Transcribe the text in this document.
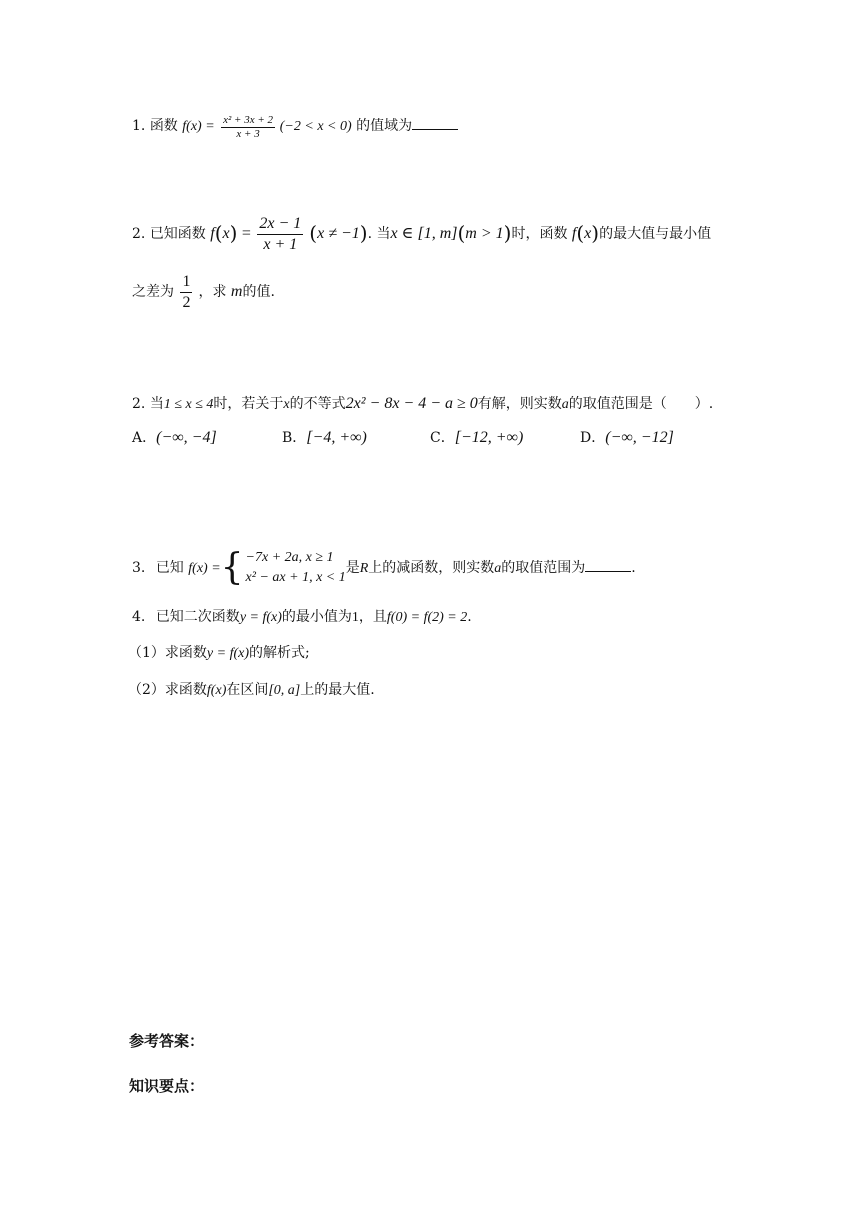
1. 函数 $f(x) = \frac{\text{x² + 3x + 2}}{x + 3} (-2 < x < 0)$ 的值域为
2. 已知函数 $f(x) = \frac{2x - 1}{x + 1} (x \ne -1)$. 当x ∈ [1, m](m > 1)时，函数 f(x)的最大值与最小值
之差为 $\frac{1}{2}$ ，求 m的值.
2. 当1 ≤ x ≤ 4时，若关于x的不等式2x² − 8x − 4 − a ≥ 0有解，则实数a的取值范围是（　　）.
A．(−∞, −4]	B．[−4, +∞)	C．[−12, +∞)	D．(−∞, −12]
3. 已知 f(x) ={ −7x + 2a, x ≥ 1
x² − ax + 1, x < 1
是R上的减函数，则实数a的取值范围为	.
4. 已知二次函数y = f(x)的最小值为1，且f(0) = f(2) = 2.
（1）求函数y = f(x)的解析式;
（2）求函数f(x)在区间[0, a]上的最大值.
参考答案：
知识要点：
